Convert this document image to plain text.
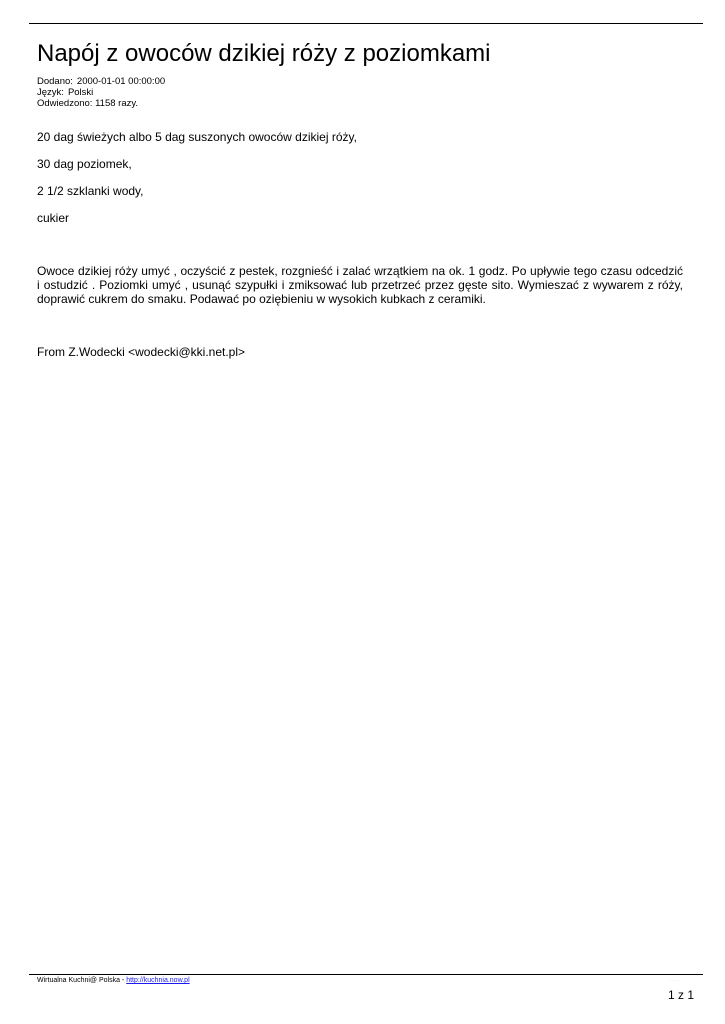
Napój z owoców dzikiej róży z poziomkami
Dodano: 2000-01-01 00:00:00
Język: Polski
Odwiedzono: 1158 razy.

20 dag świeżych albo 5 dag suszonych owoców dzikiej róży,

30 dag poziomek,

2 1/2 szklanki wody,

cukier

Owoce dzikiej róży umyć , oczyścić z pestek, rozgnieść i zalać wrzątkiem na ok. 1 godz. Po upływie tego czasu odcedzić i ostudzić . Poziomki umyć , usunąć szypułki i zmiksować lub przetrzeć przez gęste sito. Wymieszać z wywarem z róży, doprawić cukrem do smaku. Podawać po oziębieniu w wysokich kubkach z ceramiki.

From Z.Wodecki <wodecki@kki.net.pl>

Wirtualna Kuchni@ Polska - http://kuchnia.now.pl	············
1 z 1
